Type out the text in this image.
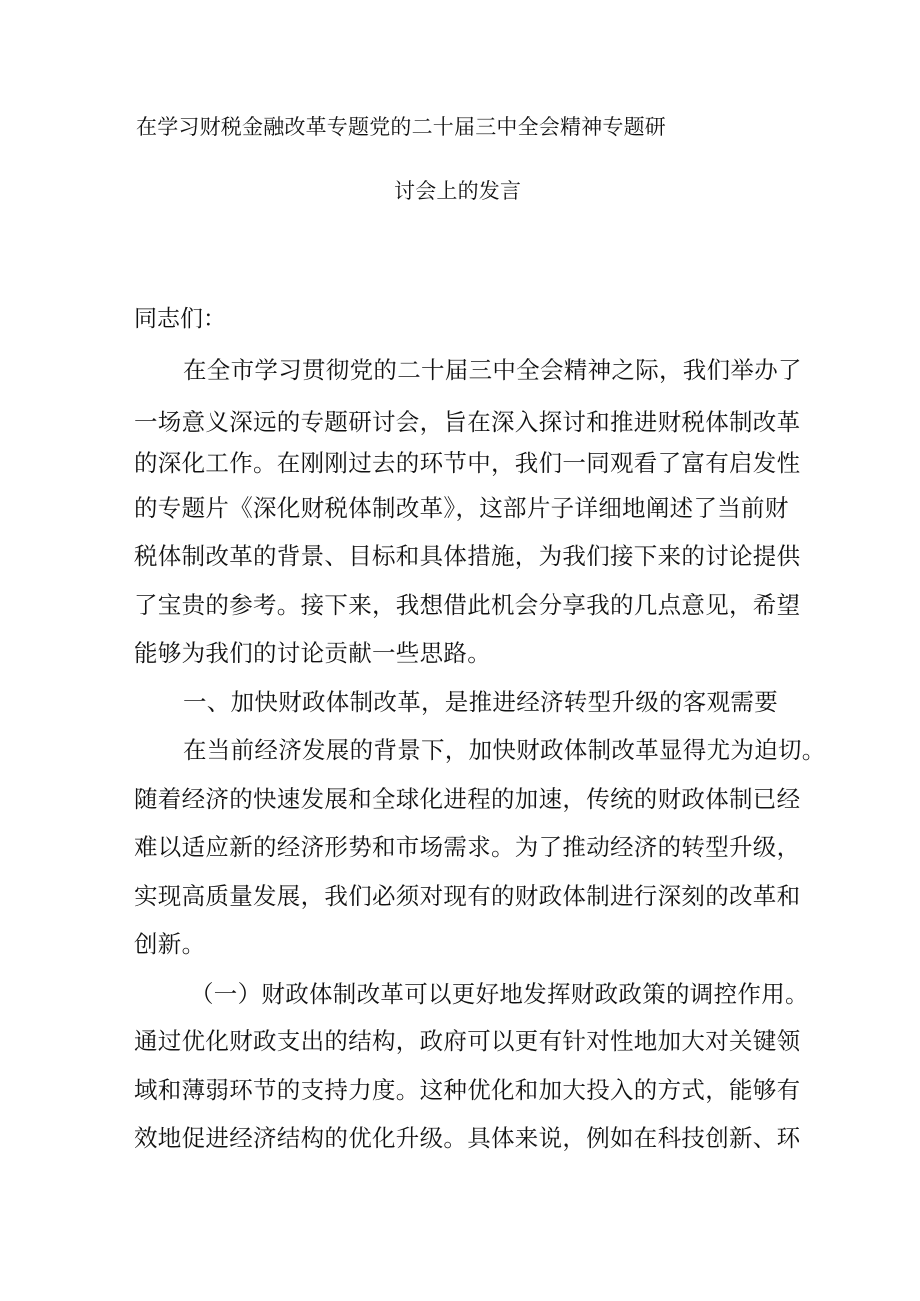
在学习财税金融改革专题党的二十届三中全会精神专题研
讨会上的发言
同志们：
在全市学习贯彻党的二十届三中全会精神之际，我们举办了
一场意义深远的专题研讨会，旨在深入探讨和推进财税体制改革
的深化工作。在刚刚过去的环节中，我们一同观看了富有启发性
的专题片《深化财税体制改革》，这部片子详细地阐述了当前财
税体制改革的背景、目标和具体措施，为我们接下来的讨论提供
了宝贵的参考。接下来，我想借此机会分享我的几点意见，希望
能够为我们的讨论贡献一些思路。
一、加快财政体制改革，是推进经济转型升级的客观需要
在当前经济发展的背景下，加快财政体制改革显得尤为迫切。
随着经济的快速发展和全球化进程的加速，传统的财政体制已经
难以适应新的经济形势和市场需求。为了推动经济的转型升级，
实现高质量发展，我们必须对现有的财政体制进行深刻的改革和
创新。
（一）财政体制改革可以更好地发挥财政政策的调控作用。
通过优化财政支出的结构，政府可以更有针对性地加大对关键领
域和薄弱环节的支持力度。这种优化和加大投入的方式，能够有
效地促进经济结构的优化升级。具体来说，例如在科技创新、环
